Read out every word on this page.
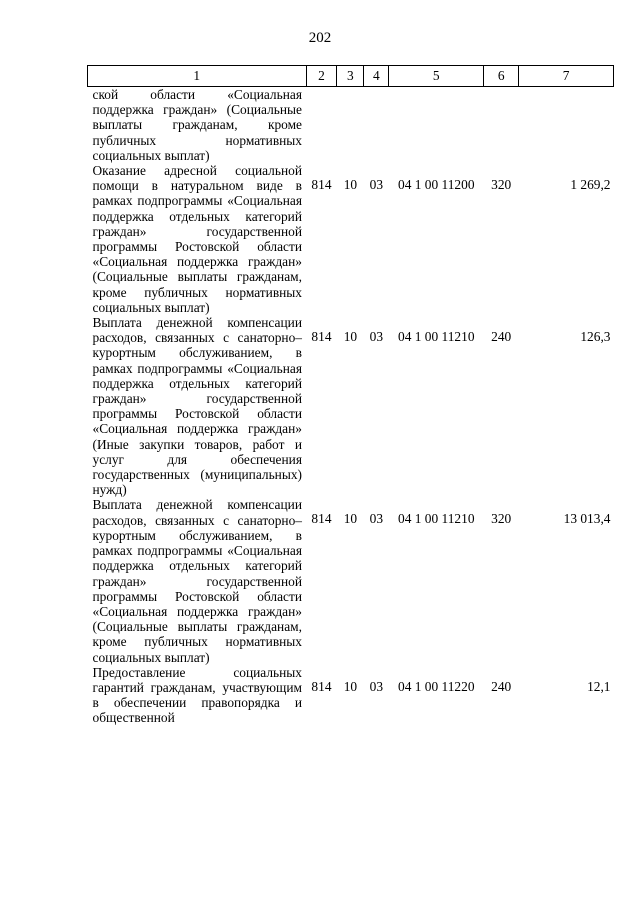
202
1	2	3	4	5	6	7
ской области «Социальная поддержка граждан» (Социальные выплаты гражданам, кроме публичных нормативных социальных выплат)						
Оказание адресной социальной помощи в натуральном виде в рамках подпрограммы «Социальная поддержка отдельных категорий граждан» государственной программы Ростовской области «Социальная поддержка граждан» (Социальные выплаты гражданам, кроме публичных нормативных социальных выплат)	814	10	03	04 1 00 11200	320	1 269,2
Выплата денежной компенсации расходов, связанных с санаторно–курортным обслуживанием, в рамках подпрограммы «Социальная поддержка отдельных категорий граждан» государственной программы Ростовской области «Социальная поддержка граждан» (Иные закупки товаров, работ и услуг для обеспечения государственных (муниципальных) нужд)	814	10	03	04 1 00 11210	240	126,3
Выплата денежной компенсации расходов, связанных с санаторно–курортным обслуживанием, в рамках подпрограммы «Социальная поддержка отдельных категорий граждан» государственной программы Ростовской области «Социальная поддержка граждан» (Социальные выплаты гражданам, кроме публичных нормативных социальных выплат)	814	10	03	04 1 00 11210	320	13 013,4
Предоставление социальных гарантий гражданам, участвующим в обеспечении правопорядка и общественной	814	10	03	04 1 00 11220	240	12,1
